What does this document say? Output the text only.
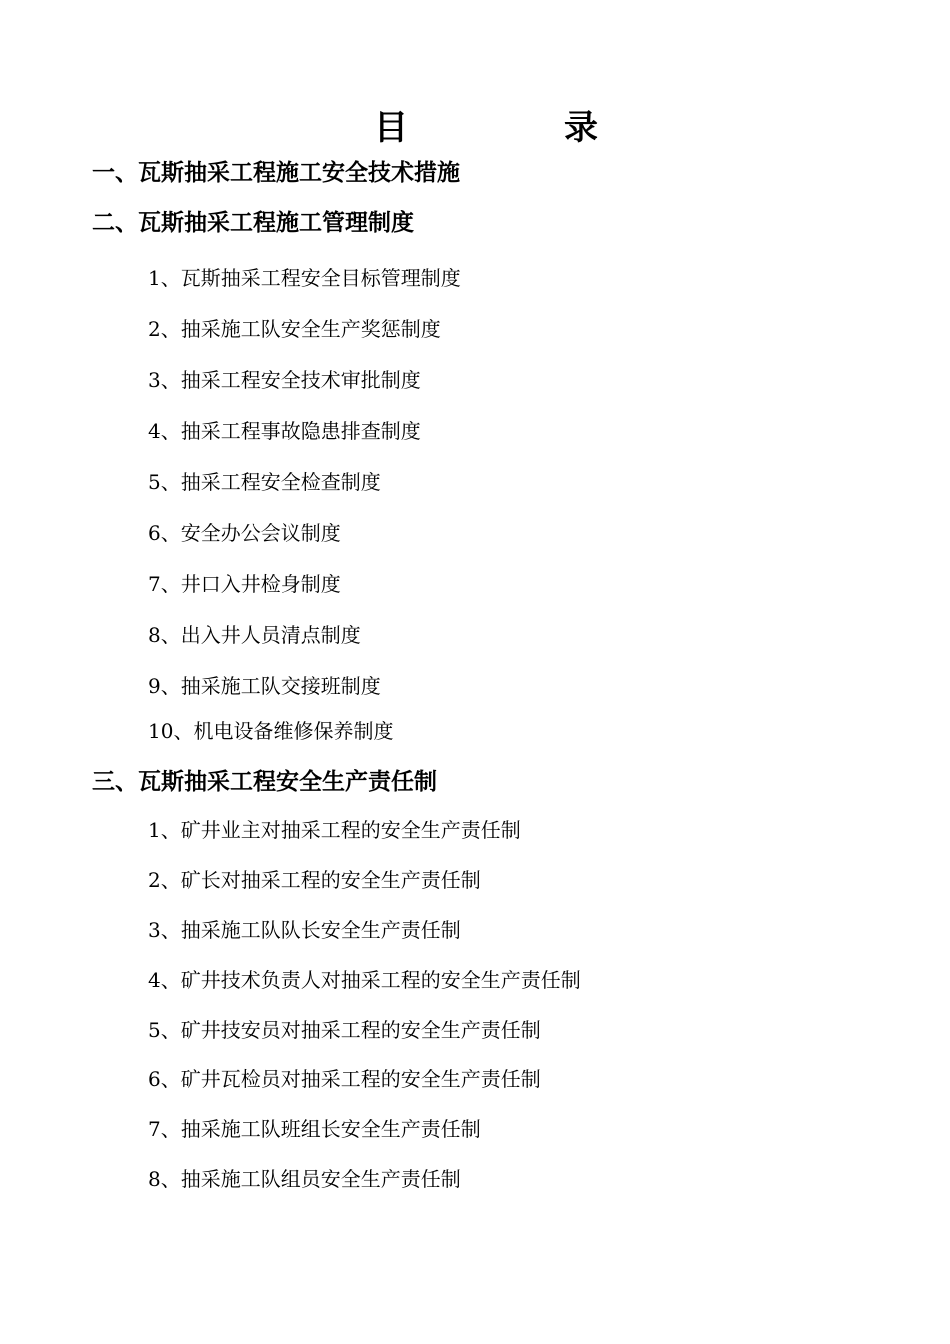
目	录
一、瓦斯抽采工程施工安全技术措施
二、瓦斯抽采工程施工管理制度
1、瓦斯抽采工程安全目标管理制度
2、抽采施工队安全生产奖惩制度
3、抽采工程安全技术审批制度
4、抽采工程事故隐患排查制度
5、抽采工程安全检查制度
6、安全办公会议制度
7、井口入井检身制度
8、出入井人员清点制度
9、抽采施工队交接班制度
10、机电设备维修保养制度
三、瓦斯抽采工程安全生产责任制
1、矿井业主对抽采工程的安全生产责任制
2、矿长对抽采工程的安全生产责任制
3、抽采施工队队长安全生产责任制
4、矿井技术负责人对抽采工程的安全生产责任制
5、矿井技安员对抽采工程的安全生产责任制
6、矿井瓦检员对抽采工程的安全生产责任制
7、抽采施工队班组长安全生产责任制
8、抽采施工队组员安全生产责任制
